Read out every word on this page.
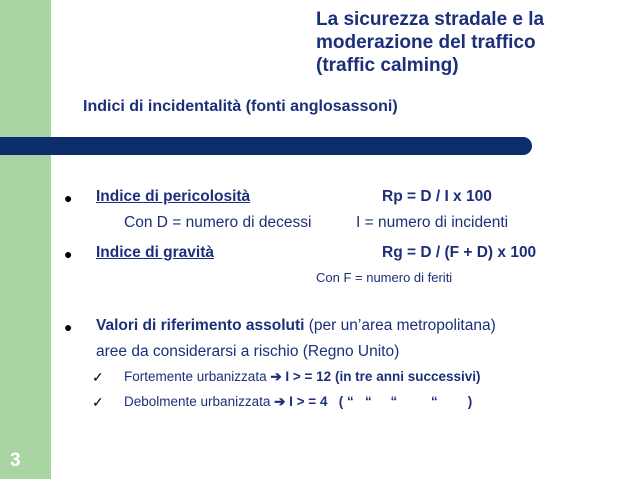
3
La sicurezza stradale e la
moderazione del traffico
(traffic calming)
Indici di incidentalità (fonti anglosassoni)
● Indice di pericolosità	Rp = D / I x 100
Con D = numero di decessi	I = numero di incidenti
● Indice di gravità	Rg = D / (F + D) x 100
Con F = numero di feriti
● Valori di riferimento assoluti (per un’area metropolitana)
aree da considerarsi a rischio (Regno Unito)
✓ Fortemente urbanizzata ➔ I > = 12 (in tre anni successivi)
✓ Debolmente urbanizzata ➔ I > = 4   ( “   “     “         “        )
